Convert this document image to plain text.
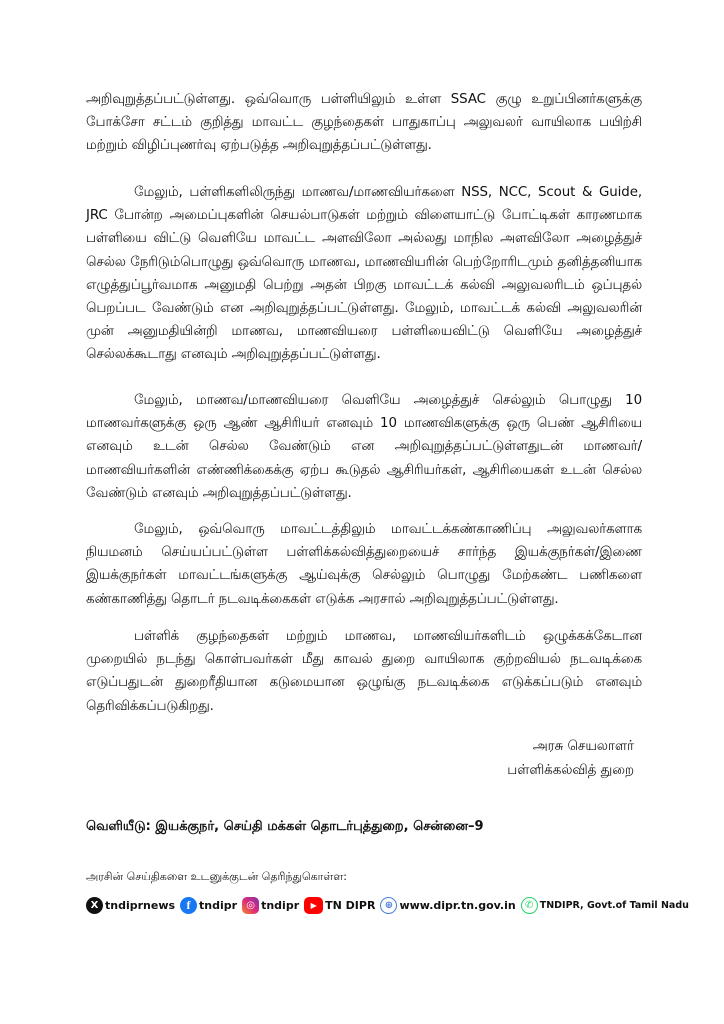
அறிவுறுத்தப்பட்டுள்ளது. ஒவ்வொரு பள்ளியிலும் உள்ள SSAC குழு உறுப்பினர்களுக்கு போக்சோ சட்டம் குறித்து மாவட்ட குழந்தைகள் பாதுகாப்பு அலுவலர் வாயிலாக பயிற்சி மற்றும் விழிப்புணர்வு ஏற்படுத்த அறிவுறுத்தப்பட்டுள்ளது.

மேலும், பள்ளிகளிலிருந்து மாணவ/மாணவியர்களை NSS, NCC, Scout & Guide, JRC போன்ற அமைப்புகளின் செயல்பாடுகள் மற்றும் விளையாட்டு போட்டிகள் காரணமாக பள்ளியை விட்டு வெளியே மாவட்ட அளவிலோ அல்லது மாநில அளவிலோ அழைத்துச் செல்ல நேரிடும்பொழுது ஒவ்வொரு மாணவ, மாணவியரின் பெற்றோரிடமும் தனித்தனியாக எழுத்துப்பூர்வமாக அனுமதி பெற்று அதன் பிறகு மாவட்டக் கல்வி அலுவலரிடம் ஒப்புதல் பெறப்பட வேண்டும் என அறிவுறுத்தப்பட்டுள்ளது. மேலும், மாவட்டக் கல்வி அலுவலரின் முன் அனுமதியின்றி மாணவ, மாணவியரை பள்ளியைவிட்டு வெளியே அழைத்துச் செல்லக்கூடாது எனவும் அறிவுறுத்தப்பட்டுள்ளது.

மேலும், மாணவ/மாணவியரை வெளியே அழைத்துச் செல்லும் பொழுது 10 மாணவர்களுக்கு ஒரு ஆண் ஆசிரியர் எனவும் 10 மாணவிகளுக்கு ஒரு பெண் ஆசிரியை எனவும் உடன் செல்ல வேண்டும் என அறிவுறுத்தப்பட்டுள்ளதுடன் மாணவர்/ மாணவியர்களின் எண்ணிக்கைக்கு ஏற்ப கூடுதல் ஆசிரியர்கள், ஆசிரியைகள் உடன் செல்ல வேண்டும் எனவும் அறிவுறுத்தப்பட்டுள்ளது.

மேலும், ஒவ்வொரு மாவட்டத்திலும் மாவட்டக்கண்காணிப்பு அலுவலர்களாக நியமனம் செய்யப்பட்டுள்ள பள்ளிக்கல்வித்துறையைச் சார்ந்த இயக்குநர்கள்/இணை இயக்குநர்கள் மாவட்டங்களுக்கு ஆய்வுக்கு செல்லும் பொழுது மேற்கண்ட பணிகளை கண்காணித்து தொடர் நடவடிக்கைகள் எடுக்க அரசால் அறிவுறுத்தப்பட்டுள்ளது.

பள்ளிக் குழந்தைகள் மற்றும் மாணவ, மாணவியர்களிடம் ஒழுக்கக்கேடான முறையில் நடந்து கொள்பவர்கள் மீது காவல் துறை வாயிலாக குற்றவியல் நடவடிக்கை எடுப்பதுடன் துறைரீதியான கடுமையான ஒழுங்கு நடவடிக்கை எடுக்கப்படும் எனவும் தெரிவிக்கப்படுகிறது.

அரசு செயலாளர்

பள்ளிக்கல்வித் துறை

வெளியீடு: இயக்குநர், செய்தி மக்கள் தொடர்புத்துறை, சென்னை–9

அரசின் செய்திகளை உடனுக்குடன் தெரிந்துகொள்ள:

X tndiprnews f tndipr ◎ tndipr	▶ TN DIPR ⊕ www.dipr.tn.gov.in ✆ TNDIPR, Govt.of Tamil Nadu
